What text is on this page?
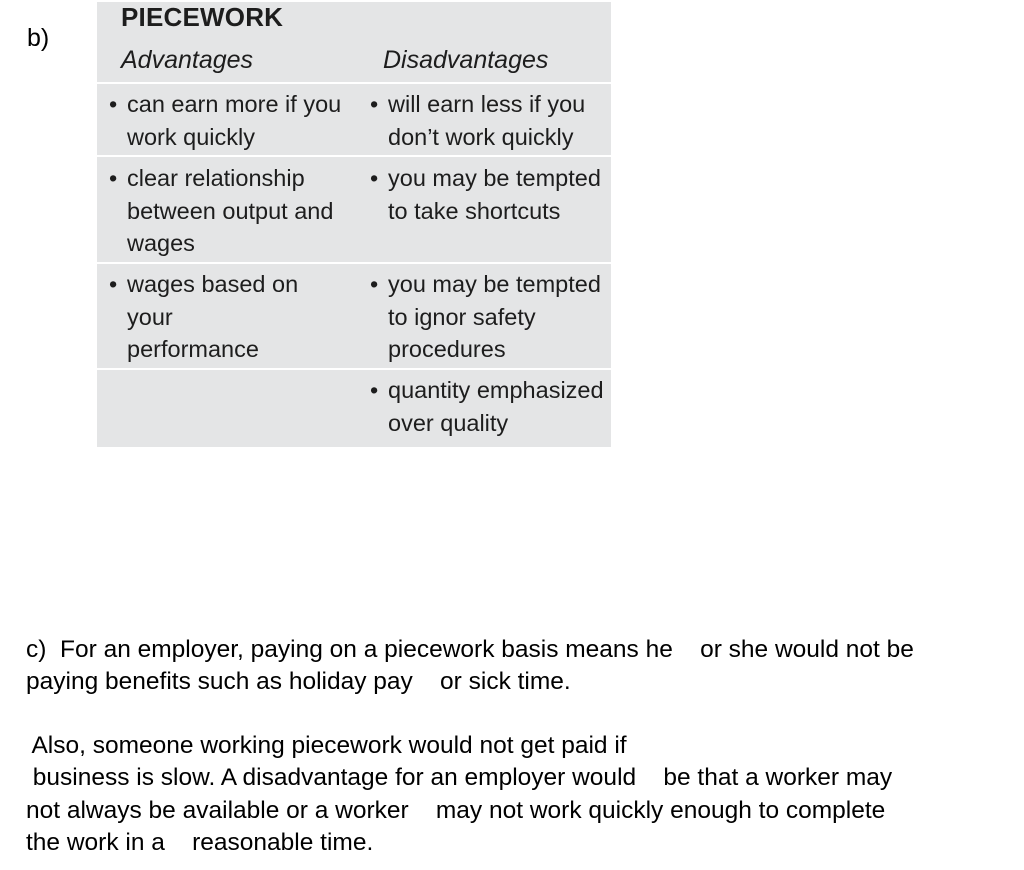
b)
PIECEWORK
Advantages	Disadvantages
• can earn more if you
work quickly
• will earn less if you
don’t work quickly
• clear relationship
between output and
wages
• you may be tempted
to take shortcuts
• wages based on your
performance
• you may be tempted
to ignor safety
procedures
• quantity emphasized
over quality
c)  For an employer, paying on a piecework basis means he    or she would not be
paying benefits such as holiday pay    or sick time.
Also, someone working piecework would not get paid if
business is slow. A disadvantage for an employer would    be that a worker may
not always be available or a worker    may not work quickly enough to complete
the work in a    reasonable time.
